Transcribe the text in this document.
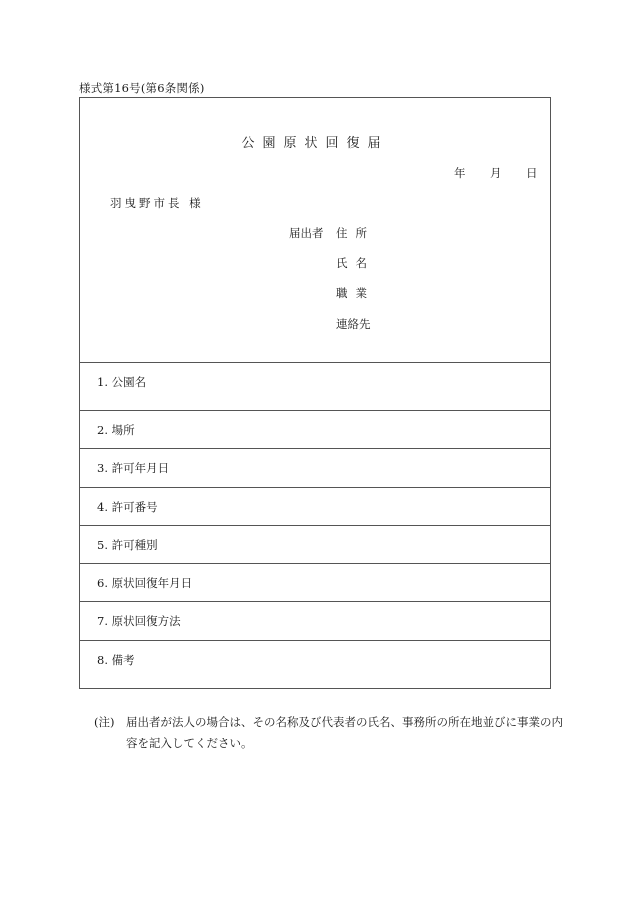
様式第16号(第6条関係)
公園原状回復届
年 月 日
羽曳野市長 様
届出者 住所
氏名
職業
連絡先
1. 公園名
2. 場所
3. 許可年月日
4. 許可番号
5. 許可種別
6. 原状回復年月日
7. 原状回復方法
8. 備考
(注) 届出者が法人の場合は、その名称及び代表者の氏名、事務所の所在地並びに事業の内容を記入してください。
